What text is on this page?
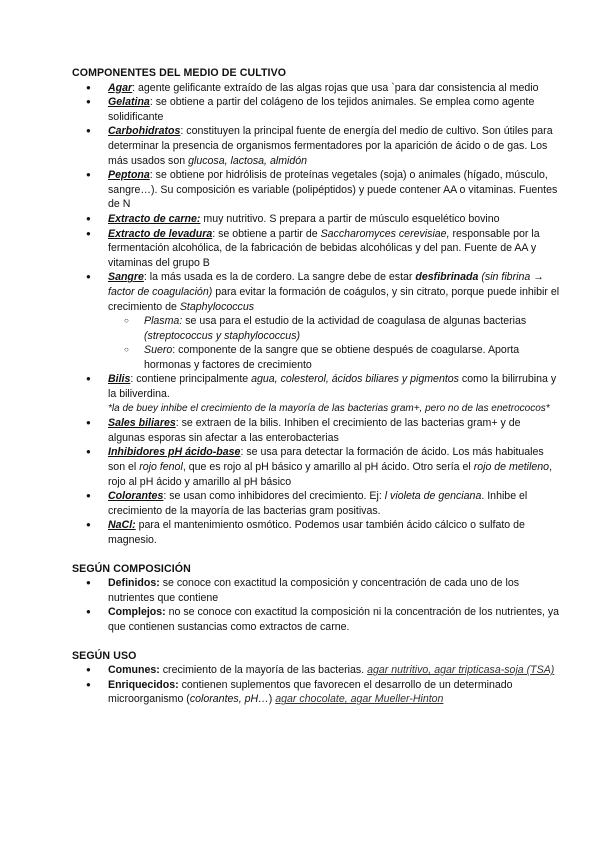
COMPONENTES DEL MEDIO DE CULTIVO
● Agar: agente gelificante extraído de las algas rojas que usa `para dar consistencia al medio
● Gelatina: se obtiene a partir del colágeno de los tejidos animales. Se emplea como agente solidificante
● Carbohidratos: constituyen la principal fuente de energía del medio de cultivo. Son útiles para determinar la presencia de organismos fermentadores por la aparición de ácido o de gas. Los más usados son glucosa, lactosa, almidón
● Peptona: se obtiene por hidrólisis de proteínas vegetales (soja) o animales (hígado, músculo, sangre…). Su composición es variable (polipéptidos) y puede contener AA o vitaminas. Fuentes de N
● Extracto de carne: muy nutritivo. S prepara a partir de músculo esquelético bovino
● Extracto de levadura: se obtiene a partir de Saccharomyces cerevisiae, responsable por la fermentación alcohólica, de la fabricación de bebidas alcohólicas y del pan. Fuente de AA y vitaminas del grupo B
● Sangre: la más usada es la de cordero. La sangre debe de estar desfibrinada (sin fibrina → factor de coagulación) para evitar la formación de coágulos, y sin citrato, porque puede inhibir el crecimiento de Staphylococcus
○ Plasma: se usa para el estudio de la actividad de coagulasa de algunas bacterias (streptococcus y staphylococcus)
○ Suero: componente de la sangre que se obtiene después de coagularse. Aporta hormonas y factores de crecimiento
● Bilis: contiene principalmente agua, colesterol, ácidos biliares y pigmentos como la bilirrubina y la biliverdina.
*la de buey inhibe el crecimiento de la mayoría de las bacterias gram+, pero no de las enetrococos*
● Sales biliares: se extraen de la bilis. Inhiben el crecimiento de las bacterias gram+ y de algunas esporas sin afectar a las enterobacterias
● Inhibidores pH ácido-base: se usa para detectar la formación de ácido. Los más habituales son el rojo fenol, que es rojo al pH básico y amarillo al pH ácido. Otro sería el rojo de metileno, rojo al pH ácido y amarillo al pH básico
● Colorantes: se usan como inhibidores del crecimiento. Ej: l violeta de genciana. Inhibe el crecimiento de la mayoría de las bacterias gram positivas.
● NaCl: para el mantenimiento osmótico. Podemos usar también ácido cálcico o sulfato de magnesio.
SEGÚN COMPOSICIÓN
● Definidos: se conoce con exactitud la composición y concentración de cada uno de los nutrientes que contiene
● Complejos: no se conoce con exactitud la composición ni la concentración de los nutrientes, ya que contienen sustancias como extractos de carne.
SEGÚN USO
● Comunes: crecimiento de la mayoría de las bacterias. agar nutritivo, agar tripticasa-soja (TSA)
● Enriquecidos: contienen suplementos que favorecen el desarrollo de un determinado microorganismo (colorantes, pH…) agar chocolate, agar Mueller-Hinton
